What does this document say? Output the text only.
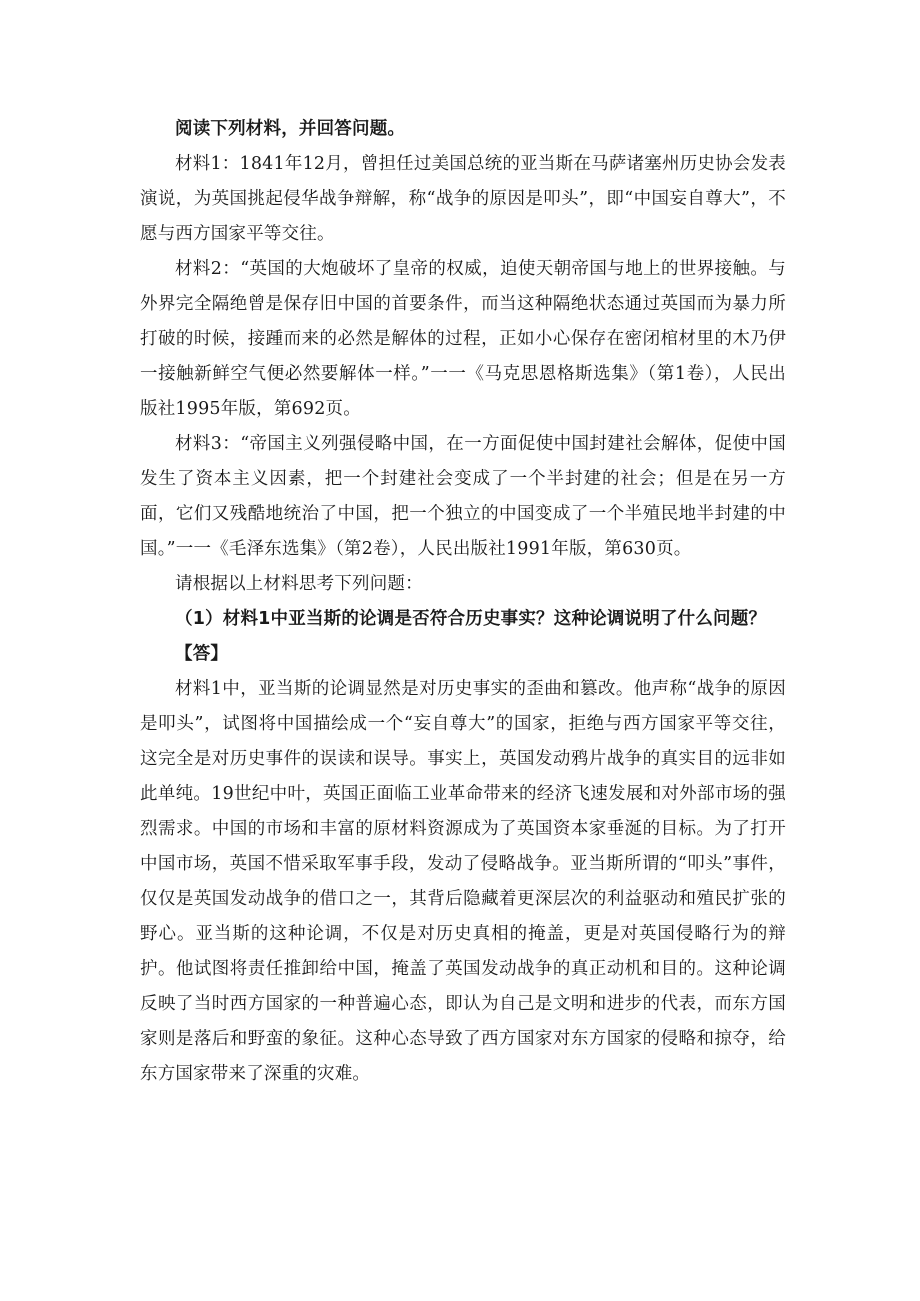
阅读下列材料，并回答问题。

材料1：1841年12月，曾担任过美国总统的亚当斯在马萨诸塞州历史协会发表演说，为英国挑起侵华战争辩解，称“战争的原因是叩头”，即“中国妄自尊大”，不愿与西方国家平等交往。

材料2：“英国的大炮破坏了皇帝的权威，迫使天朝帝国与地上的世界接触。与外界完全隔绝曾是保存旧中国的首要条件，而当这种隔绝状态通过英国而为暴力所打破的时候，接踵而来的必然是解体的过程，正如小心保存在密闭棺材里的木乃伊一接触新鲜空气便必然要解体一样。”一一《马克思恩格斯选集》（第1卷），人民出版社1995年版，第692页。

材料3：“帝国主义列强侵略中国，在一方面促使中国封建社会解体，促使中国发生了资本主义因素，把一个封建社会变成了一个半封建的社会；但是在另一方面，它们又残酷地统治了中国，把一个独立的中国变成了一个半殖民地半封建的中国。”一一《毛泽东选集》（第2卷），人民出版社1991年版，第630页。

请根据以上材料思考下列问题：

（1）材料1中亚当斯的论调是否符合历史事实？这种论调说明了什么问题？

【答】

材料1中，亚当斯的论调显然是对历史事实的歪曲和篡改。他声称“战争的原因是叩头”，试图将中国描绘成一个“妄自尊大”的国家，拒绝与西方国家平等交往，这完全是对历史事件的误读和误导。事实上，英国发动鸦片战争的真实目的远非如此单纯。19世纪中叶，英国正面临工业革命带来的经济飞速发展和对外部市场的强烈需求。中国的市场和丰富的原材料资源成为了英国资本家垂涎的目标。为了打开中国市场，英国不惜采取军事手段，发动了侵略战争。亚当斯所谓的“叩头”事件，仅仅是英国发动战争的借口之一，其背后隐藏着更深层次的利益驱动和殖民扩张的野心。亚当斯的这种论调，不仅是对历史真相的掩盖，更是对英国侵略行为的辩护。他试图将责任推卸给中国，掩盖了英国发动战争的真正动机和目的。这种论调反映了当时西方国家的一种普遍心态，即认为自己是文明和进步的代表，而东方国家则是落后和野蛮的象征。这种心态导致了西方国家对东方国家的侵略和掠夺，给东方国家带来了深重的灾难。
